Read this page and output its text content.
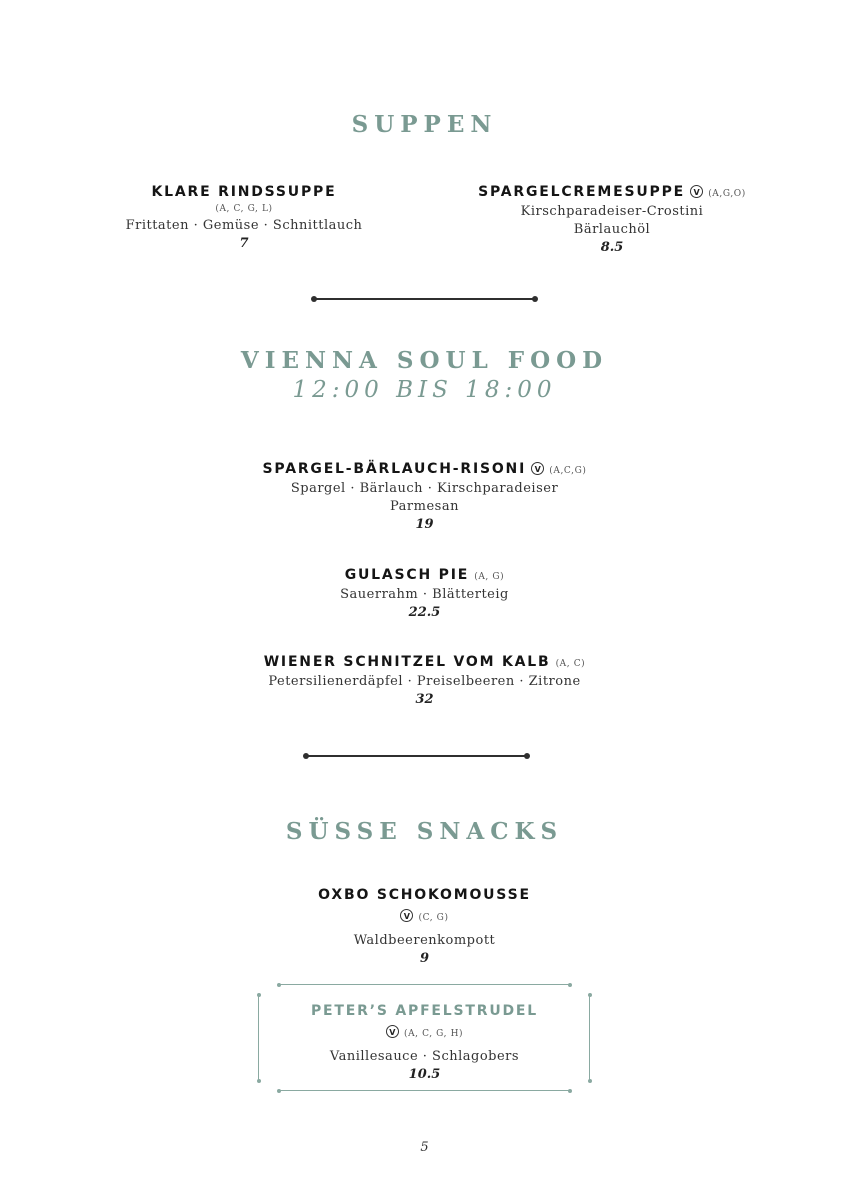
SUPPEN
KLARE RINDSSUPPE
(A, C, G, L)
Frittaten · Gemüse · Schnittlauch
7
SPARGELCREMESUPPE V (A,G,O)
Kirschparadeiser-Crostini
Bärlauchöl
8.5
VIENNA SOUL FOOD
12:00 BIS 18:00
SPARGEL-BÄRLAUCH-RISONI V (A,C,G)
Spargel · Bärlauch · Kirschparadeiser
Parmesan
19
GULASCH PIE (A, G)
Sauerrahm · Blätterteig
22.5
WIENER SCHNITZEL VOM KALB (A, C)
Petersilienerdäpfel · Preiselbeeren · Zitrone
32
SÜSSE SNACKS
OXBO SCHOKOMOUSSE
V (C, G)
Waldbeerenkompott
9
PETER’S APFELSTRUDEL
V (A, C, G, H)
Vanillesauce · Schlagobers
10.5
5
